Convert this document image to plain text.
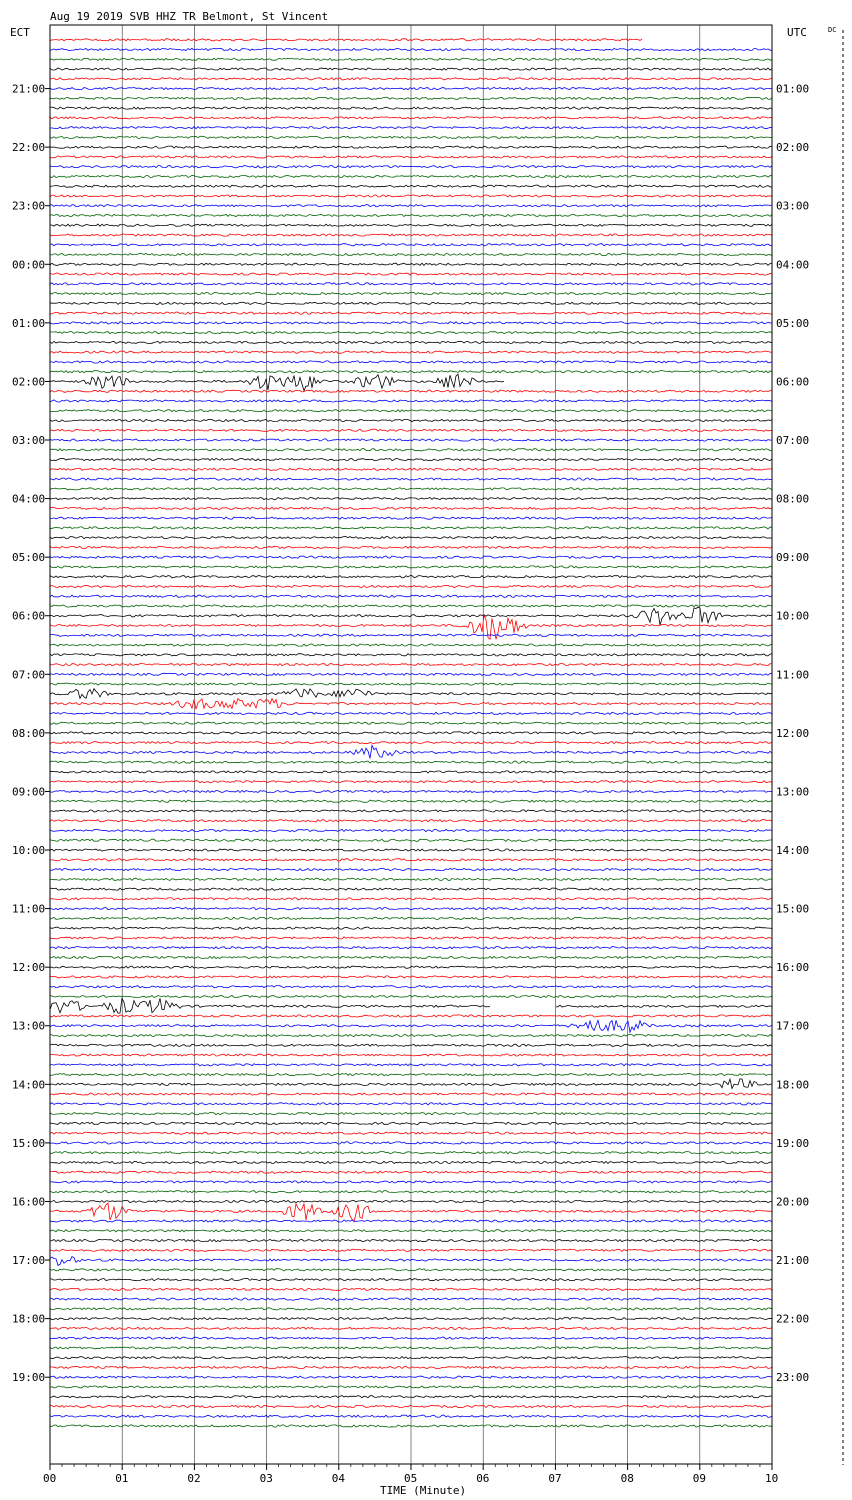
Aug 19 2019 SVB HHZ TR Belmont, St Vincent
ECT	UTC	DC
TIME (Minute)
21:00
22:00
23:00
00:00
01:00
02:00
03:00
04:00
05:00
06:00
07:00
08:00
09:00
10:00
11:00
12:00
13:00
14:00
15:00
16:00
17:00
18:00
19:00
01:00
02:00
03:00
04:00
05:00
06:00
07:00
08:00
09:00
10:00
11:00
12:00
13:00
14:00
15:00
16:00
17:00
18:00
19:00
20:00
21:00
22:00
23:00
00	01	02	03	04	05	06	07	08	09	10
